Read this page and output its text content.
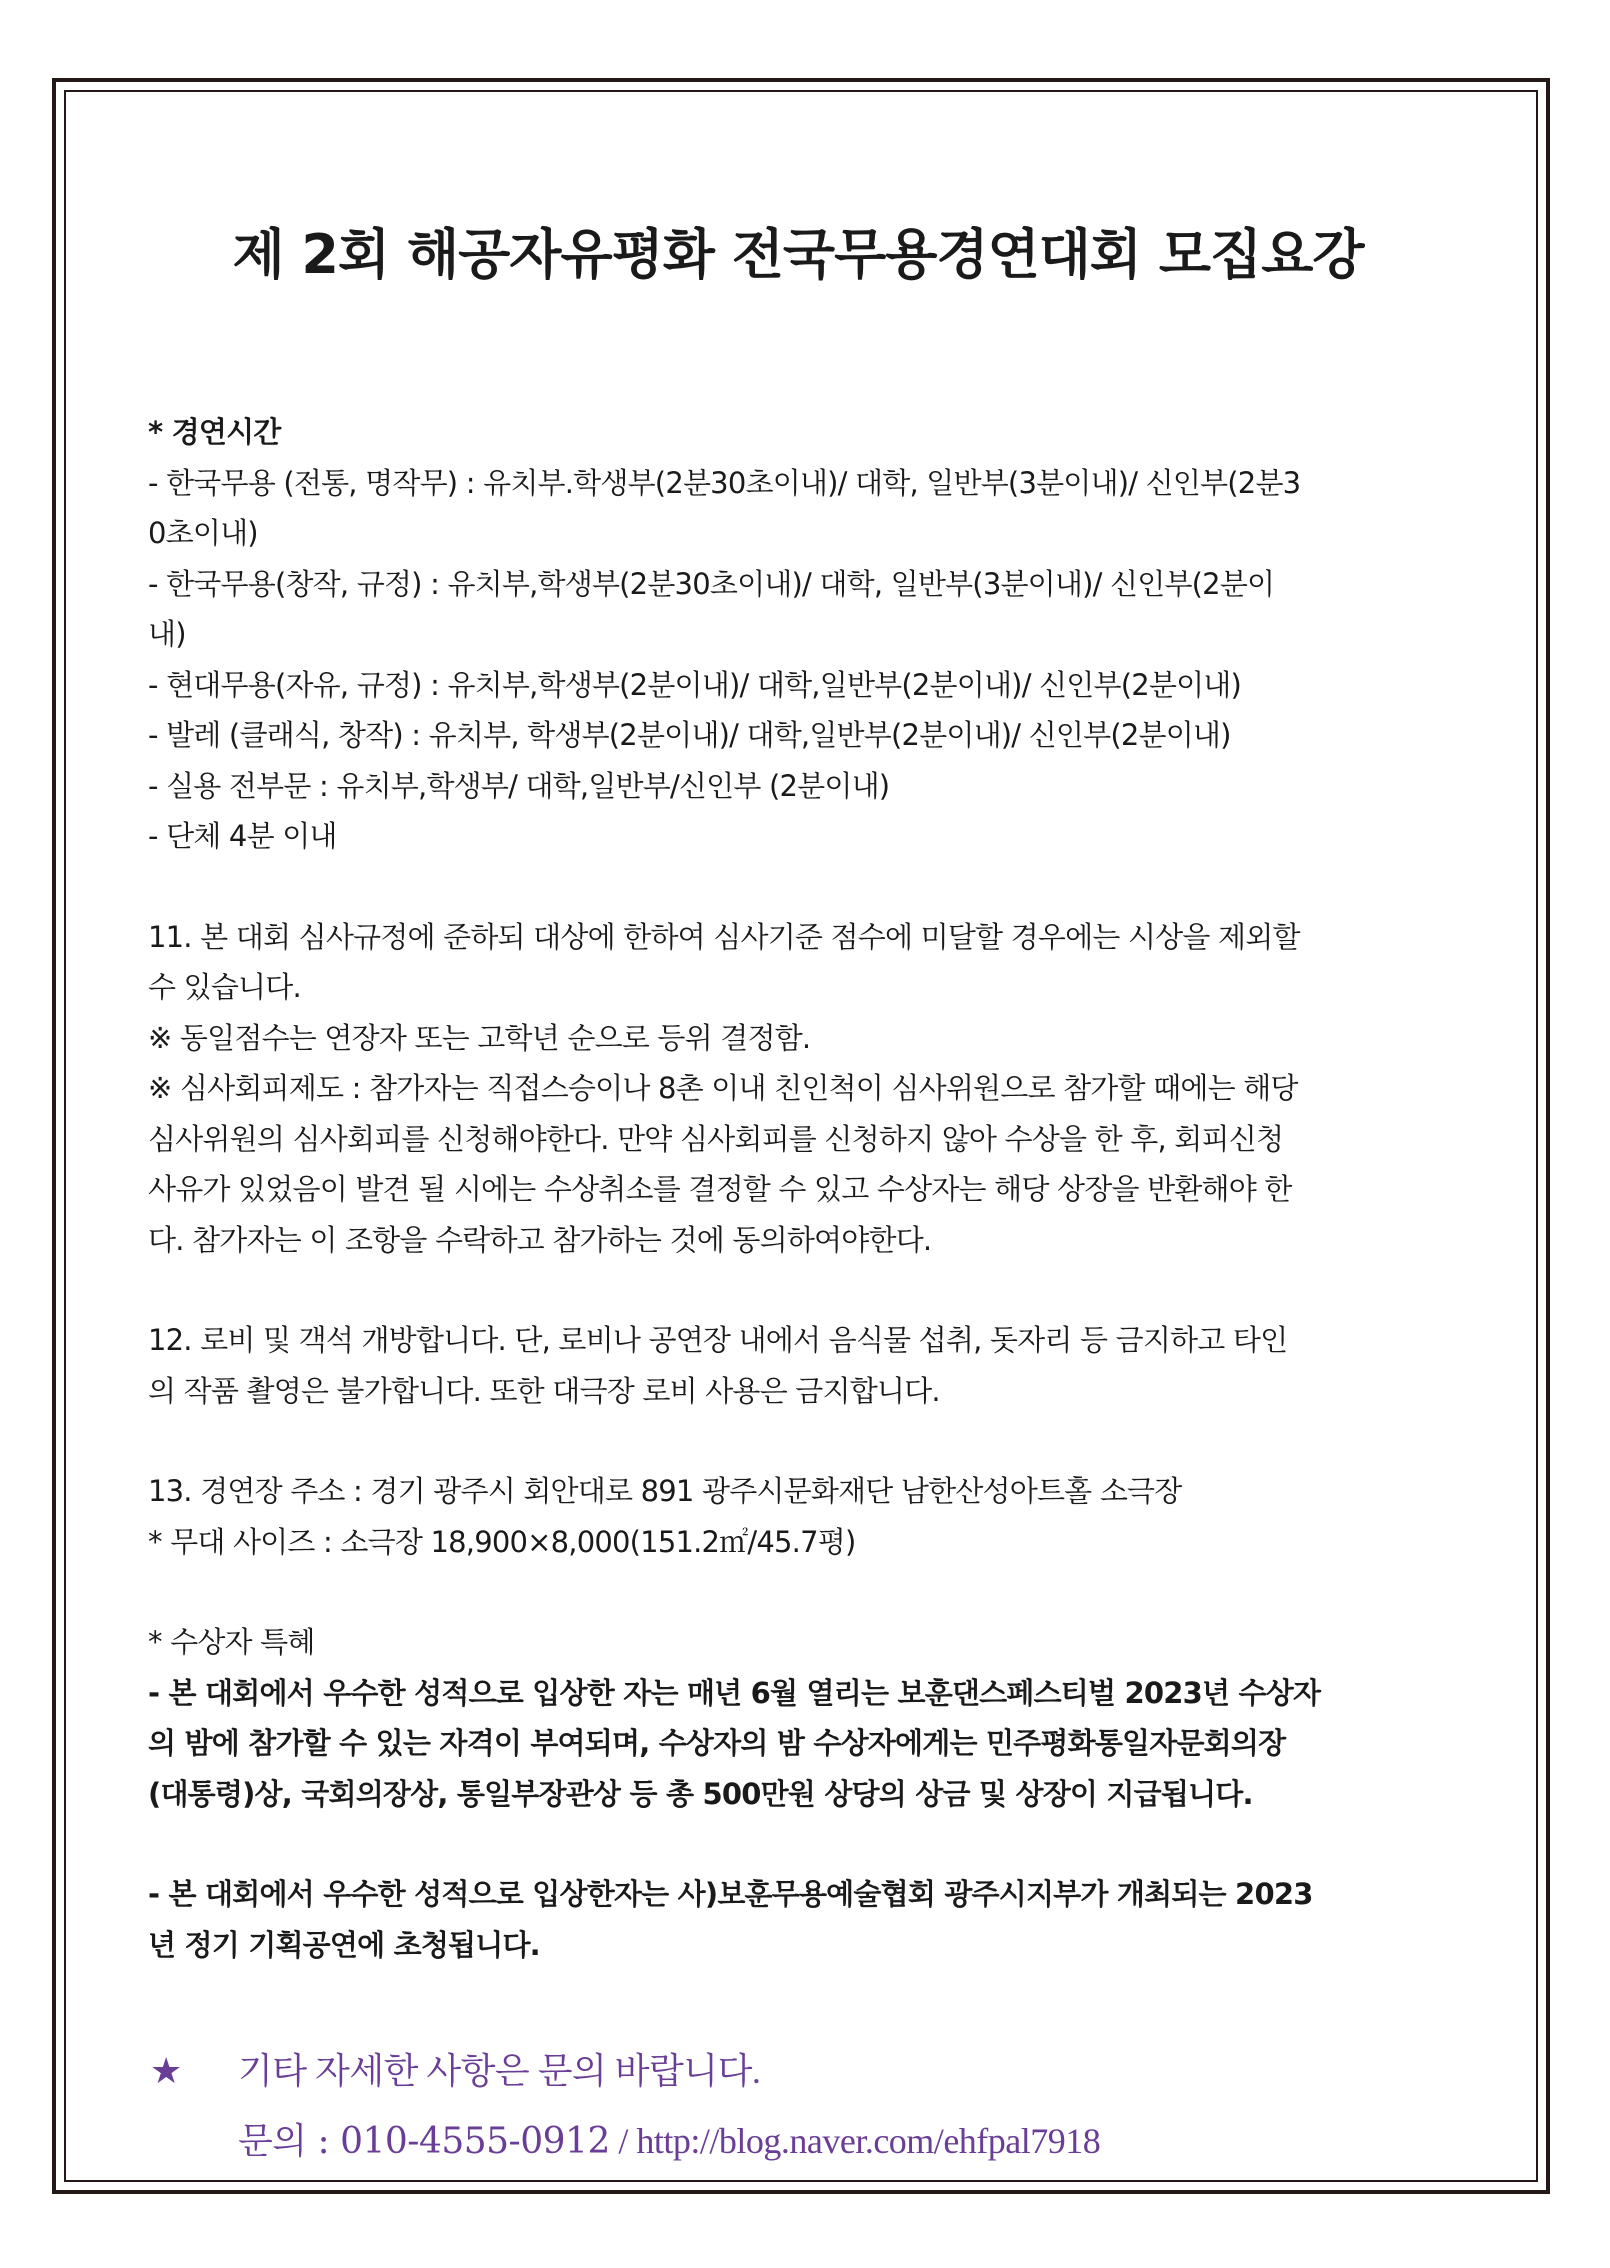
제 2회 해공자유평화 전국무용경연대회 모집요강

* 경연시간

- 한국무용 (전통, 명작무) : 유치부.학생부(2분30초이내)/ 대학, 일반부(3분이내)/ 신인부(2분3

0초이내)

- 한국무용(창작, 규정) : 유치부,학생부(2분30초이내)/ 대학, 일반부(3분이내)/ 신인부(2분이

내)

- 현대무용(자유, 규정) : 유치부,학생부(2분이내)/ 대학,일반부(2분이내)/ 신인부(2분이내)

- 발레 (클래식, 창작) : 유치부, 학생부(2분이내)/ 대학,일반부(2분이내)/ 신인부(2분이내)

- 실용 전부문 : 유치부,학생부/ 대학,일반부/신인부 (2분이내)

- 단체 4분 이내

11. 본 대회 심사규정에 준하되 대상에 한하여 심사기준 점수에 미달할 경우에는 시상을 제외할

수 있습니다.

※ 동일점수는 연장자 또는 고학년 순으로 등위 결정함.

※ 심사회피제도 : 참가자는 직접스승이나 8촌 이내 친인척이 심사위원으로 참가할 때에는 해당

심사위원의 심사회피를 신청해야한다. 만약 심사회피를 신청하지 않아 수상을 한 후, 회피신청

사유가 있었음이 발견 될 시에는 수상취소를 결정할 수 있고 수상자는 해당 상장을 반환해야 한

다. 참가자는 이 조항을 수락하고 참가하는 것에 동의하여야한다.

12. 로비 및 객석 개방합니다. 단, 로비나 공연장 내에서 음식물 섭취, 돗자리 등 금지하고 타인

의 작품 촬영은 불가합니다. 또한 대극장 로비 사용은 금지합니다.

13. 경연장 주소 : 경기 광주시 회안대로 891 광주시문화재단 남한산성아트홀 소극장

* 무대 사이즈 : 소극장 18,900×8,000(151.2㎡/45.7평)

* 수상자 특혜

- 본 대회에서 우수한 성적으로 입상한 자는 매년 6월 열리는 보훈댄스페스티벌 2023년 수상자

의 밤에 참가할 수 있는 자격이 부여되며, 수상자의 밤 수상자에게는 민주평화통일자문회의장

(대통령)상, 국회의장상, 통일부장관상 등 총 500만원 상당의 상금 및 상장이 지급됩니다.

- 본 대회에서 우수한 성적으로 입상한자는 사)보훈무용예술협회 광주시지부가 개최되는 2023

년 정기 기획공연에 초청됩니다.

★ 기타 자세한 사항은 문의 바랍니다.
문의 : 010-4555-0912 / http://blog.naver.com/ehfpal7918
